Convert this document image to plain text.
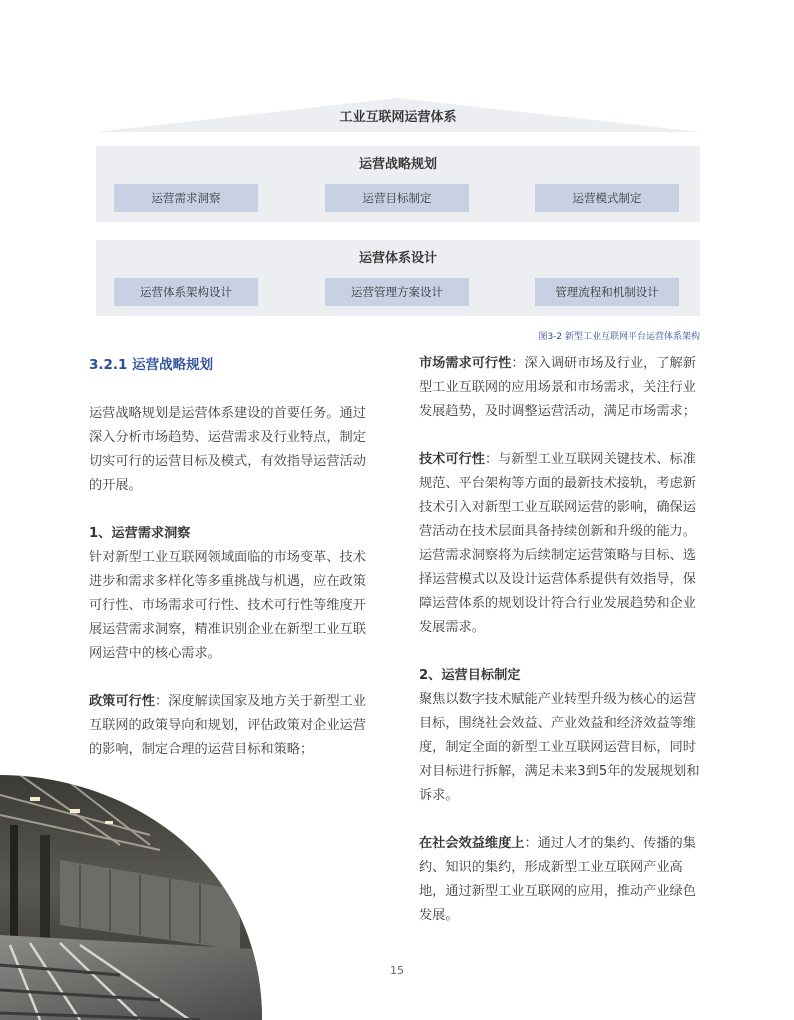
工业互联网运营体系
运营战略规划
运营需求洞察	运营目标制定	运营模式制定
运营体系设计
运营体系架构设计	运营管理方案设计	管理流程和机制设计
图3-2 新型工业互联网平台运营体系架构
3.2.1 运营战略规划

运营战略规划是运营体系建设的首要任务。通过深入分析市场趋势、运营需求及行业特点，制定切实可行的运营目标及模式，有效指导运营活动的开展。

1、运营需求洞察

针对新型工业互联网领域面临的市场变革、技术进步和需求多样化等多重挑战与机遇，应在政策可行性、市场需求可行性、技术可行性等维度开展运营需求洞察，精准识别企业在新型工业互联网运营中的核心需求。

政策可行性：深度解读国家及地方关于新型工业互联网的政策导向和规划，评估政策对企业运营的影响，制定合理的运营目标和策略；

市场需求可行性：深入调研市场及行业，了解新型工业互联网的应用场景和市场需求，关注行业发展趋势，及时调整运营活动，满足市场需求；

技术可行性：与新型工业互联网关键技术、标准规范、平台架构等方面的最新技术接轨，考虑新技术引入对新型工业互联网运营的影响，确保运营活动在技术层面具备持续创新和升级的能力。

运营需求洞察将为后续制定运营策略与目标、选择运营模式以及设计运营体系提供有效指导，保障运营体系的规划设计符合行业发展趋势和企业发展需求。

2、运营目标制定

聚焦以数字技术赋能产业转型升级为核心的运营目标，围绕社会效益、产业效益和经济效益等维度，制定全面的新型工业互联网运营目标，同时对目标进行拆解，满足未来3到5年的发展规划和诉求。

在社会效益维度上：通过人才的集约、传播的集约、知识的集约，形成新型工业互联网产业高地，通过新型工业互联网的应用，推动产业绿色发展。

15
